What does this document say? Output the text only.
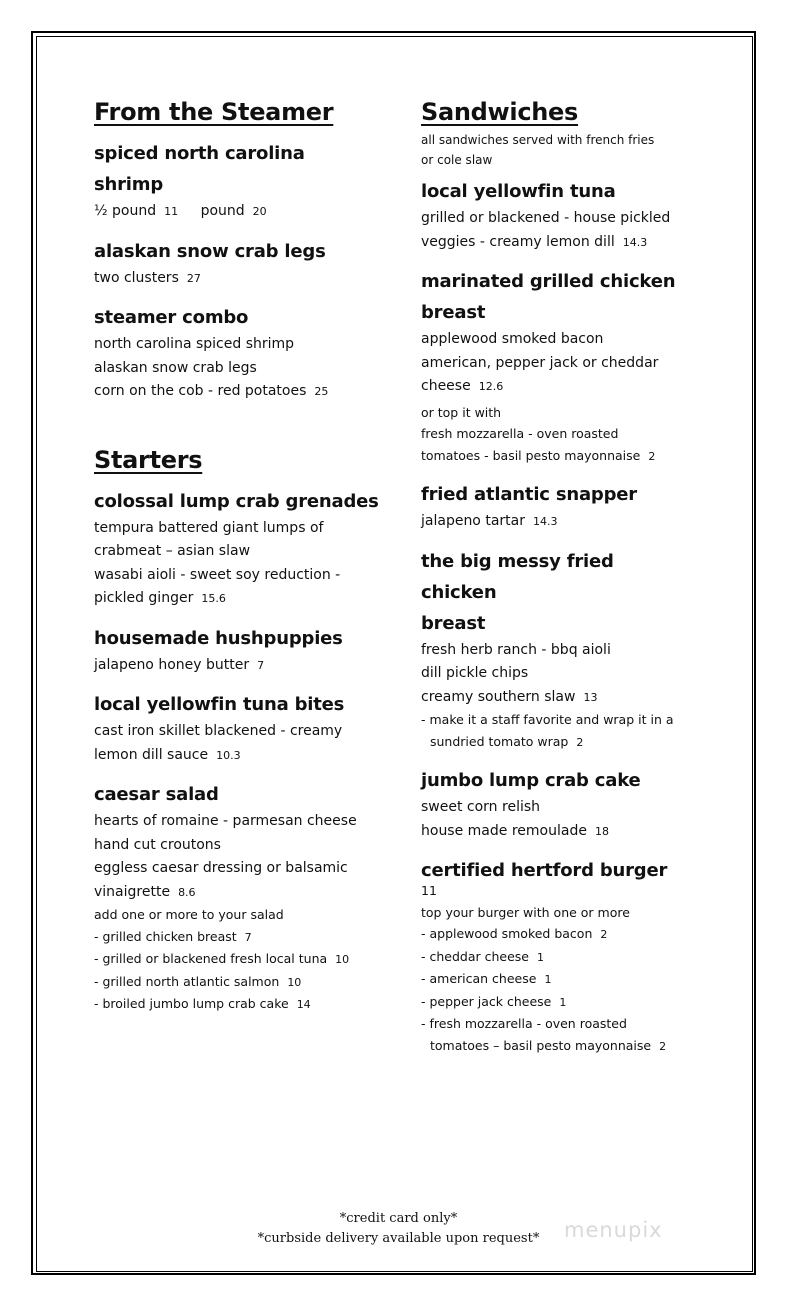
From the Steamer
spiced north carolina
shrimp
½ pound 11 pound 20
alaskan snow crab legs
two clusters 27
steamer combo
north carolina spiced shrimp
alaskan snow crab legs
corn on the cob - red potatoes 25
Starters
colossal lump crab grenades
tempura battered giant lumps of
crabmeat – asian slaw
wasabi aioli - sweet soy reduction -
pickled ginger 15.6
housemade hushpuppies
jalapeno honey butter 7
local yellowfin tuna bites
cast iron skillet blackened - creamy
lemon dill sauce 10.3
caesar salad
hearts of romaine - parmesan cheese
hand cut croutons
eggless caesar dressing or balsamic
vinaigrette 8.6
add one or more to your salad
- grilled chicken breast 7
- grilled or blackened fresh local tuna 10
- grilled north atlantic salmon 10
- broiled jumbo lump crab cake 14
Sandwiches
all sandwiches served with french fries
or cole slaw
local yellowfin tuna
grilled or blackened - house pickled
veggies - creamy lemon dill 14.3
marinated grilled chicken
breast
applewood smoked bacon
american, pepper jack or cheddar
cheese 12.6
or top it with
fresh mozzarella - oven roasted
tomatoes - basil pesto mayonnaise 2
fried atlantic snapper
jalapeno tartar 14.3
the big messy fried
chicken
breast
fresh herb ranch - bbq aioli
dill pickle chips
creamy southern slaw 13
- make it a staff favorite and wrap it in a
sundried tomato wrap 2
jumbo lump crab cake
sweet corn relish
house made remoulade 18
certified hertford burger
11
top your burger with one or more
- applewood smoked bacon 2
- cheddar cheese 1
- american cheese 1
- pepper jack cheese 1
- fresh mozzarella - oven roasted
tomatoes – basil pesto mayonnaise 2
*credit card only*
*curbside delivery available upon request*	menupix
